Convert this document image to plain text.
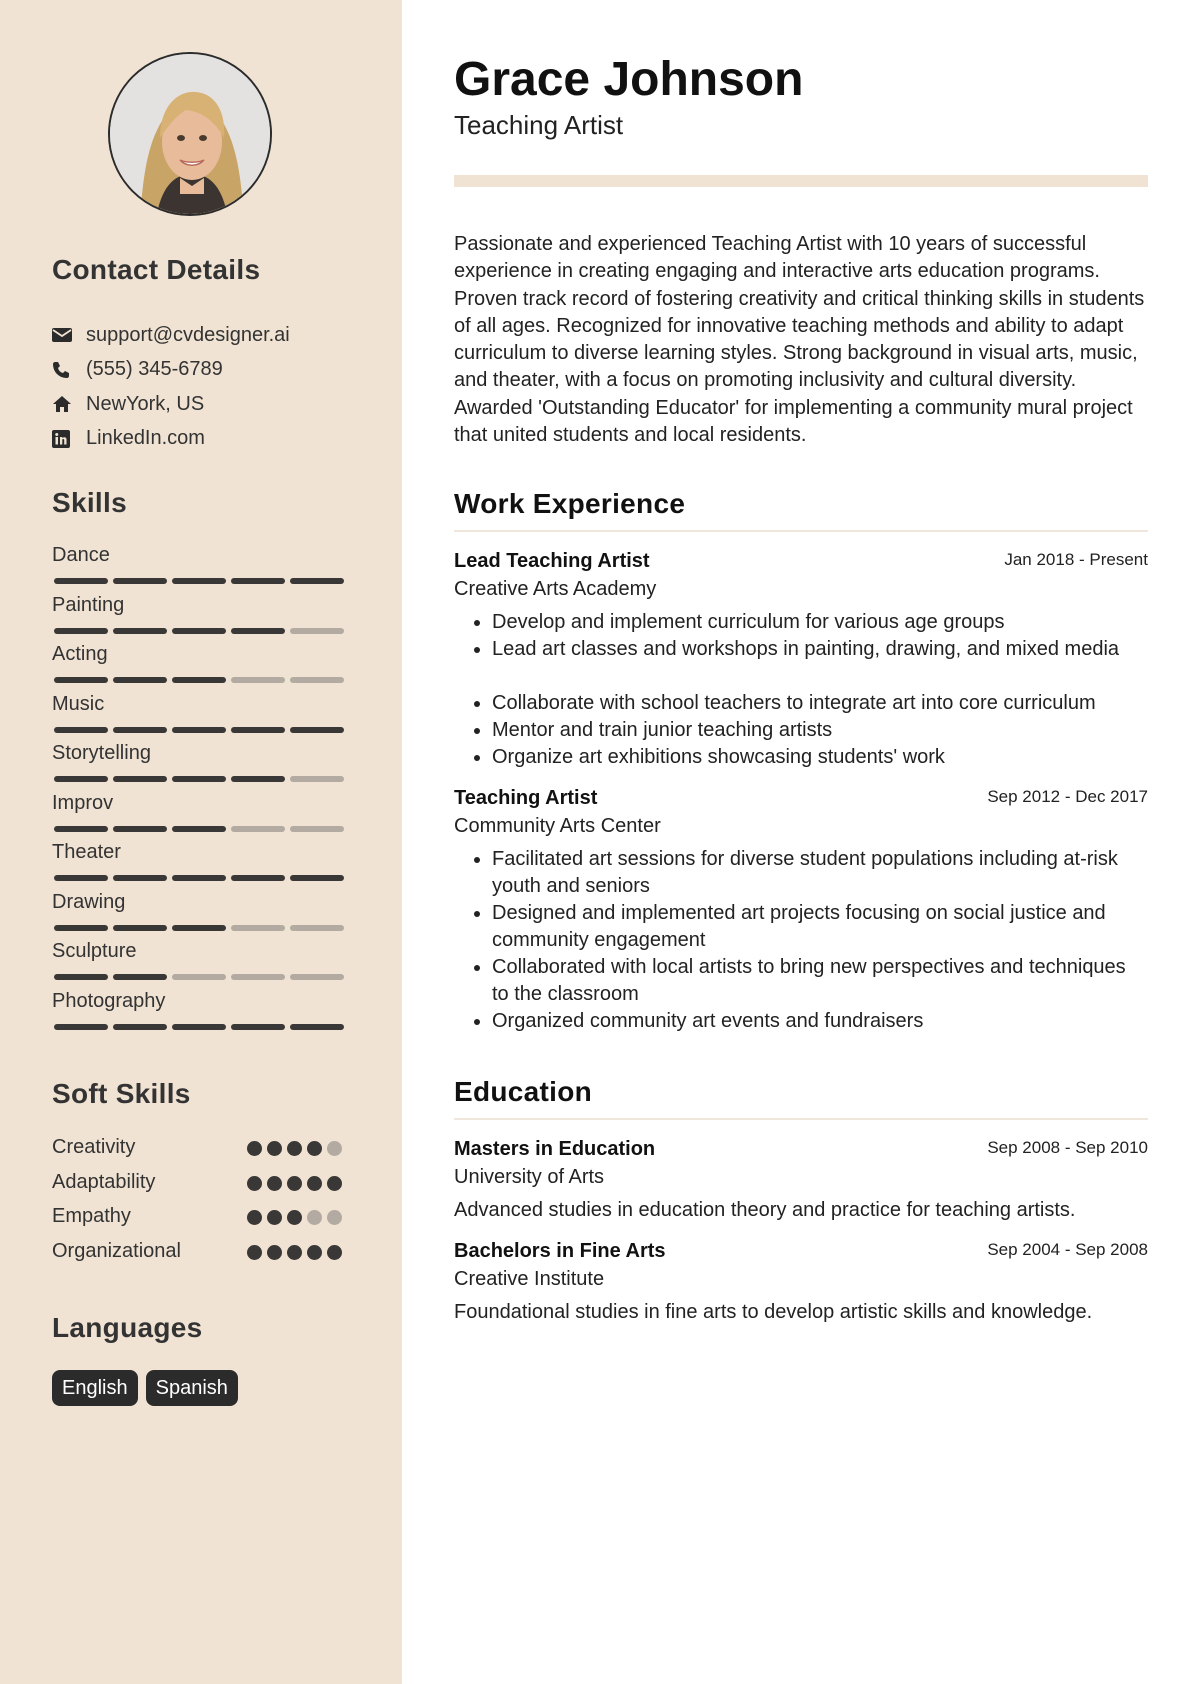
Contact Details
support@cvdesigner.ai
(555) 345-6789
NewYork, US
LinkedIn.com
Skills
Dance
Painting
Acting
Music
Storytelling
Improv
Theater
Drawing
Sculpture
Photography
Soft Skills
Creativity
Adaptability
Empathy
Organizational
Languages
English	Spanish
Grace Johnson
Teaching Artist
Passionate and experienced Teaching Artist with 10 years of successful experience in creating engaging and interactive arts education programs. Proven track record of fostering creativity and critical thinking skills in students of all ages. Recognized for innovative teaching methods and ability to adapt curriculum to diverse learning styles. Strong background in visual arts, music, and theater, with a focus on promoting inclusivity and cultural diversity. Awarded 'Outstanding Educator' for implementing a community mural project that united students and local residents.
Work Experience
Lead Teaching Artist	Jan 2018 - Present
Creative Arts Academy
• Develop and implement curriculum for various age groups
• Lead art classes and workshops in painting, drawing, and mixed media
• Collaborate with school teachers to integrate art into core curriculum
• Mentor and train junior teaching artists
• Organize art exhibitions showcasing students' work
Teaching Artist	Sep 2012 - Dec 2017
Community Arts Center
• Facilitated art sessions for diverse student populations including at-risk youth and seniors
• Designed and implemented art projects focusing on social justice and community engagement
• Collaborated with local artists to bring new perspectives and techniques to the classroom
• Organized community art events and fundraisers
Education
Masters in Education	Sep 2008 - Sep 2010
University of Arts
Advanced studies in education theory and practice for teaching artists.
Bachelors in Fine Arts	Sep 2004 - Sep 2008
Creative Institute
Foundational studies in fine arts to develop artistic skills and knowledge.
